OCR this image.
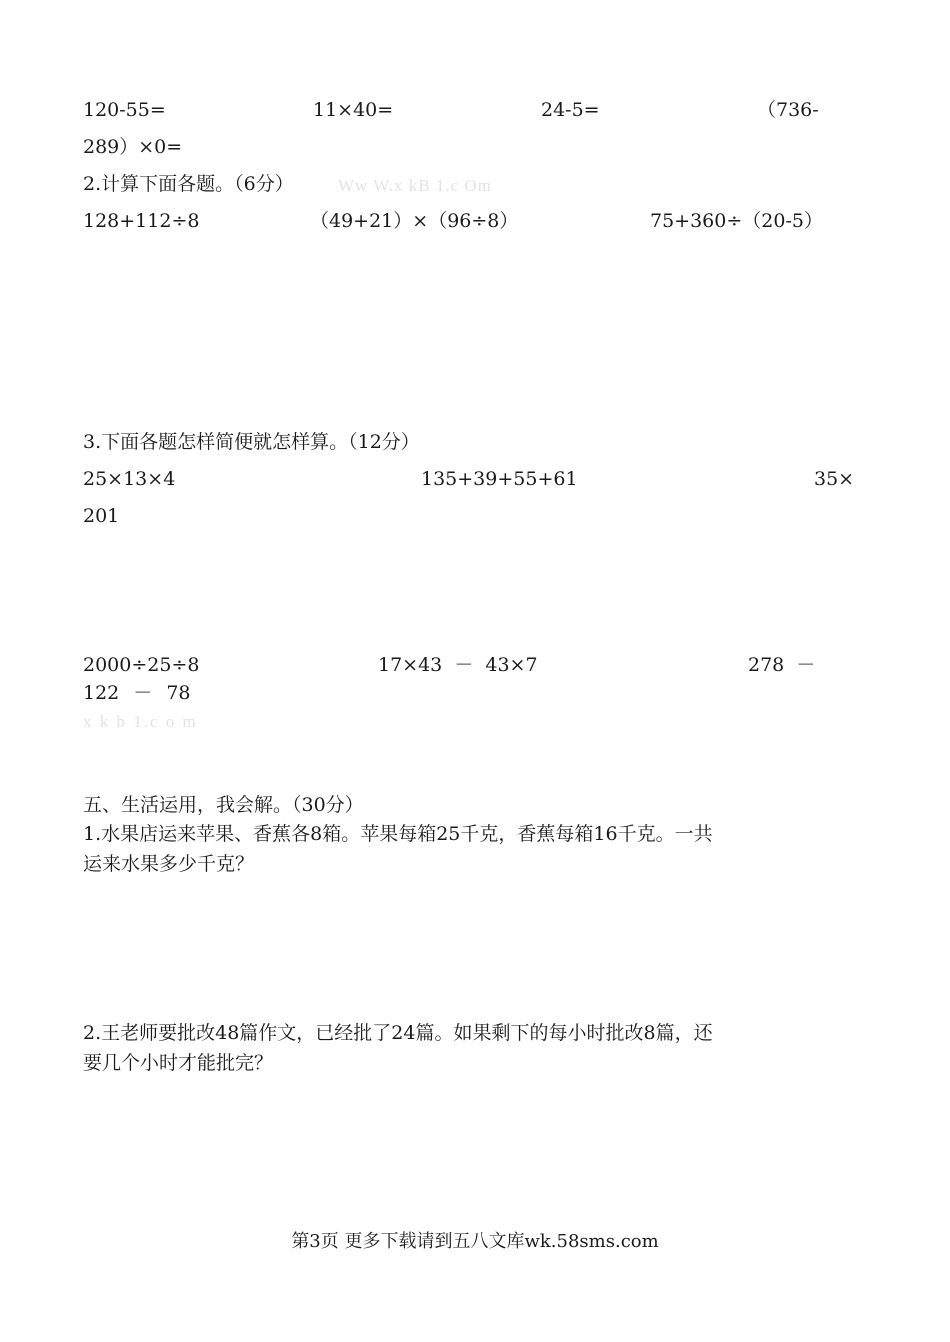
120-55=	11×40=	24-5=	（736-
289）×0=
2.计算下面各题。（6分）	Ww W.x kB 1.c Om
128+112÷8	（49+21）×（96÷8）	75+360÷（20-5）
3.下面各题怎样简便就怎样算。（12分）
25×13×4	135+39+55+61	35×
201
2000÷25÷8	17×43 － 43×7	278 －
122 － 78
x k b 1.c o m
五、生活运用，我会解。（30分）
1.水果店运来苹果、香蕉各8箱。苹果每箱25千克，香蕉每箱16千克。一共
运来水果多少千克？
2.王老师要批改48篇作文，已经批了24篇。如果剩下的每小时批改8篇，还
要几个小时才能批完？
第3页 更多下载请到五八文库wk.58sms.com
